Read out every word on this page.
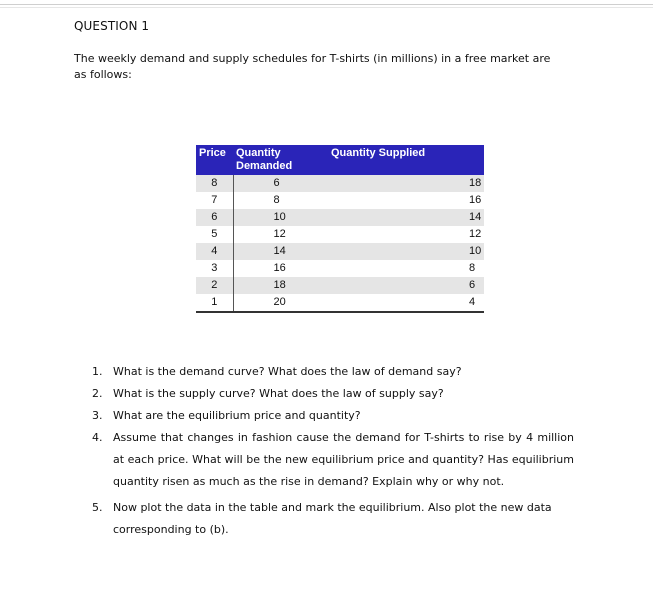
QUESTION 1
The weekly demand and supply schedules for T-shirts (in millions) in a free market are as follows:
Price	Quantity Demanded	Quantity Supplied
8	6	18
7	8	16
6	10	14
5	12	12
4	14	10
3	16	8
2	18	6
1	20	4
1. What is the demand curve? What does the law of demand say?
2. What is the supply curve? What does the law of supply say?
3. What are the equilibrium price and quantity?
4. Assume that changes in fashion cause the demand for T-shirts to rise by 4 million at each price. What will be the new equilibrium price and quantity? Has equilibrium quantity risen as much as the rise in demand? Explain why or why not.
5. Now plot the data in the table and mark the equilibrium. Also plot the new data corresponding to (b).
